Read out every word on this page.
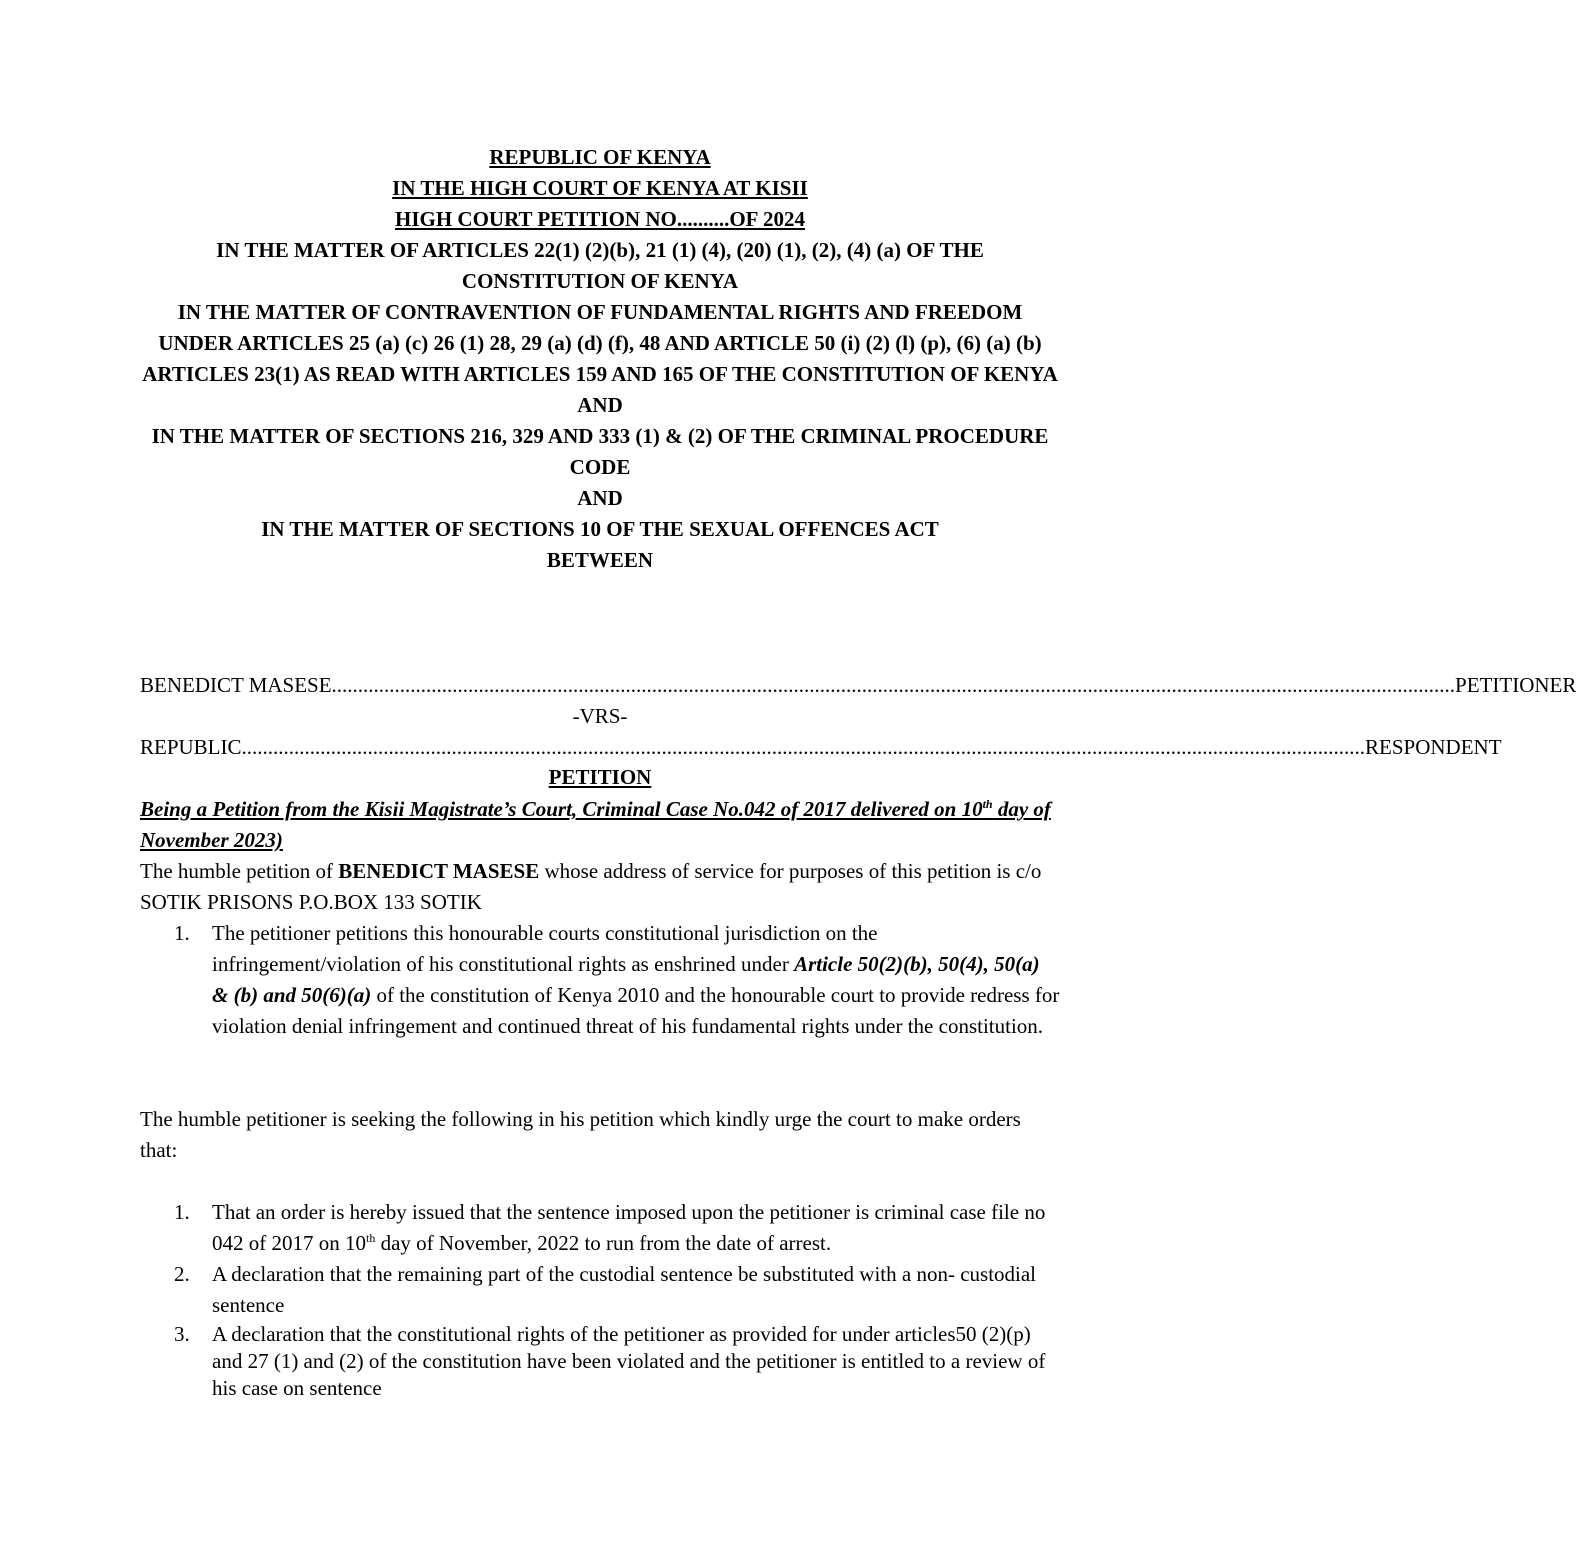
REPUBLIC OF KENYA
IN THE HIGH COURT OF KENYA AT KISII
HIGH COURT PETITION NO..........OF 2024
IN THE MATTER OF ARTICLES 22(1) (2)(b), 21 (1) (4), (20) (1), (2), (4) (a) OF THE CONSTITUTION OF KENYA
IN THE MATTER OF CONTRAVENTION OF FUNDAMENTAL RIGHTS AND FREEDOM UNDER ARTICLES 25 (a) (c) 26 (1) 28, 29 (a) (d) (f), 48 AND ARTICLE 50 (i) (2) (l) (p), (6) (a) (b)
ARTICLES 23(1) AS READ WITH ARTICLES 159 AND 165 OF THE CONSTITUTION OF KENYA
AND
IN THE MATTER OF SECTIONS 216, 329 AND 333 (1) & (2) OF THE CRIMINAL PROCEDURE CODE
AND
IN THE MATTER OF SECTIONS 10 OF THE SEXUAL OFFENCES ACT
BETWEEN
BENEDICT MASESE ...................................................................................................................................................................................................................... PETITIONER
-VRS-
REPUBLIC ...................................................................................................................................................................................................................... RESPONDENT
PETITION
Being a Petition from the Kisii Magistrate’s Court, Criminal Case No.042 of 2017 delivered on 10th day of November 2023)
The humble petition of BENEDICT MASESE whose address of service for purposes of this petition is c/o SOTIK PRISONS P.O.BOX 133 SOTIK
1. The petitioner petitions this honourable courts constitutional jurisdiction on the infringement/violation of his constitutional rights as enshrined under Article 50(2)(b), 50(4), 50(a) & (b) and 50(6)(a) of the constitution of Kenya 2010 and the honourable court to provide redress for violation denial infringement and continued threat of his fundamental rights under the constitution.
The humble petitioner is seeking the following in his petition which kindly urge the court to make orders that:
1. That an order is hereby issued that the sentence imposed upon the petitioner is criminal case file no 042 of 2017 on 10th day of November, 2022 to run from the date of arrest.
2. A declaration that the remaining part of the custodial sentence be substituted with a non- custodial sentence
3. A declaration that the constitutional rights of the petitioner as provided for under articles50 (2)(p) and 27 (1) and (2) of the constitution have been violated and the petitioner is entitled to a review of his case on sentence
